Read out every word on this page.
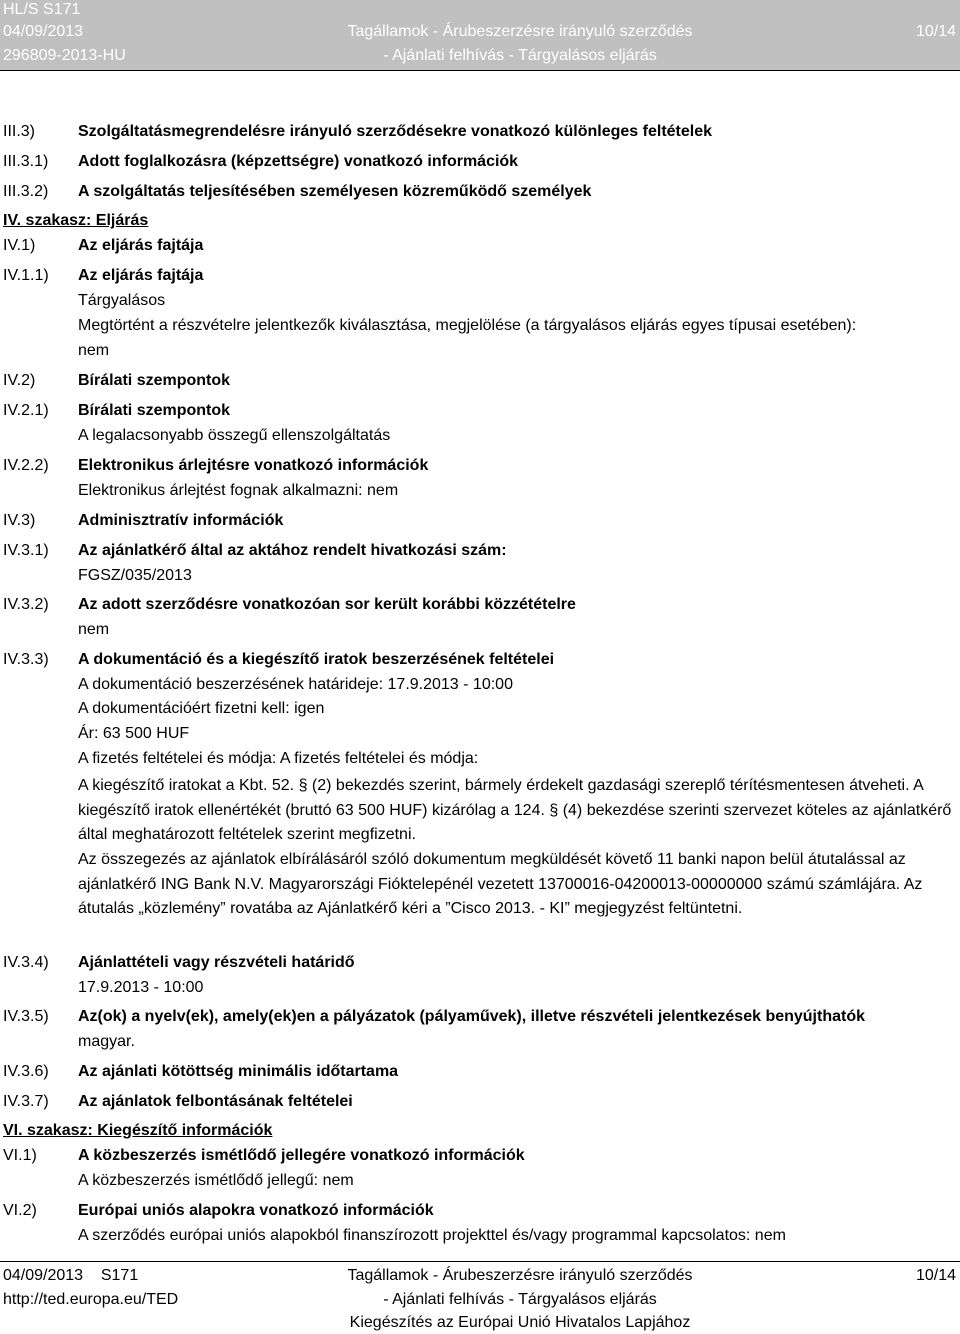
HL/S S171
04/09/2013
296809-2013-HU
Tagállamok - Árubeszerzésre irányuló szerződés
- Ajánlati felhívás - Tárgyalásos eljárás
10/14
III.3)	Szolgáltatásmegrendelésre irányuló szerződésekre vonatkozó különleges feltételek
III.3.1)	Adott foglalkozásra (képzettségre) vonatkozó információk
III.3.2)	A szolgáltatás teljesítésében személyesen közreműködő személyek
IV. szakasz: Eljárás
IV.1)	Az eljárás fajtája
IV.1.1)	Az eljárás fajtája
Tárgyalásos
Megtörtént a részvételre jelentkezők kiválasztása, megjelölése (a tárgyalásos eljárás egyes típusai esetében):
nem
IV.2)	Bírálati szempontok
IV.2.1)	Bírálati szempontok
A legalacsonyabb összegű ellenszolgáltatás
IV.2.2)	Elektronikus árlejtésre vonatkozó információk
Elektronikus árlejtést fognak alkalmazni: nem
IV.3)	Adminisztratív információk
IV.3.1)	Az ajánlatkérő által az aktához rendelt hivatkozási szám:
FGSZ/035/2013
IV.3.2)	Az adott szerződésre vonatkozóan sor került korábbi közzétételre
nem
IV.3.3)	A dokumentáció és a kiegészítő iratok beszerzésének feltételei
A dokumentáció beszerzésének határideje: 17.9.2013 - 10:00
A dokumentációért fizetni kell: igen
Ár: 63 500 HUF
A fizetés feltételei és módja: A fizetés feltételei és módja:
A kiegészítő iratokat a Kbt. 52. § (2) bekezdés szerint, bármely érdekelt gazdasági szereplő térítésmentesen átveheti. A kiegészítő iratok ellenértékét (bruttó 63 500 HUF) kizárólag a 124. § (4) bekezdése szerinti szervezet köteles az ajánlatkérő által meghatározott feltételek szerint megfizetni.
Az összegezés az ajánlatok elbírálásáról szóló dokumentum megküldését követő 11 banki napon belül átutalással az ajánlatkérő ING Bank N.V. Magyarországi Fióktelepénél vezetett 13700016-04200013-00000000 számú számlájára. Az átutalás „közlemény” rovatába az Ajánlatkérő kéri a ”Cisco 2013. - KI” megjegyzést feltüntetni.
IV.3.4)	Ajánlattételi vagy részvételi határidő
17.9.2013 - 10:00
IV.3.5)	Az(ok) a nyelv(ek), amely(ek)en a pályázatok (pályaművek), illetve részvételi jelentkezések benyújthatók
magyar.
IV.3.6)	Az ajánlati kötöttség minimális időtartama
IV.3.7)	Az ajánlatok felbontásának feltételei
VI. szakasz: Kiegészítő információk
VI.1)	A közbeszerzés ismétlődő jellegére vonatkozó információk
A közbeszerzés ismétlődő jellegű: nem
VI.2)	Európai uniós alapokra vonatkozó információk
A szerződés európai uniós alapokból finanszírozott projekttel és/vagy programmal kapcsolatos: nem
04/09/2013    S171
http://ted.europa.eu/TED
Tagállamok - Árubeszerzésre irányuló szerződés
- Ajánlati felhívás - Tárgyalásos eljárás
Kiegészítés az Európai Unió Hivatalos Lapjához
10/14
